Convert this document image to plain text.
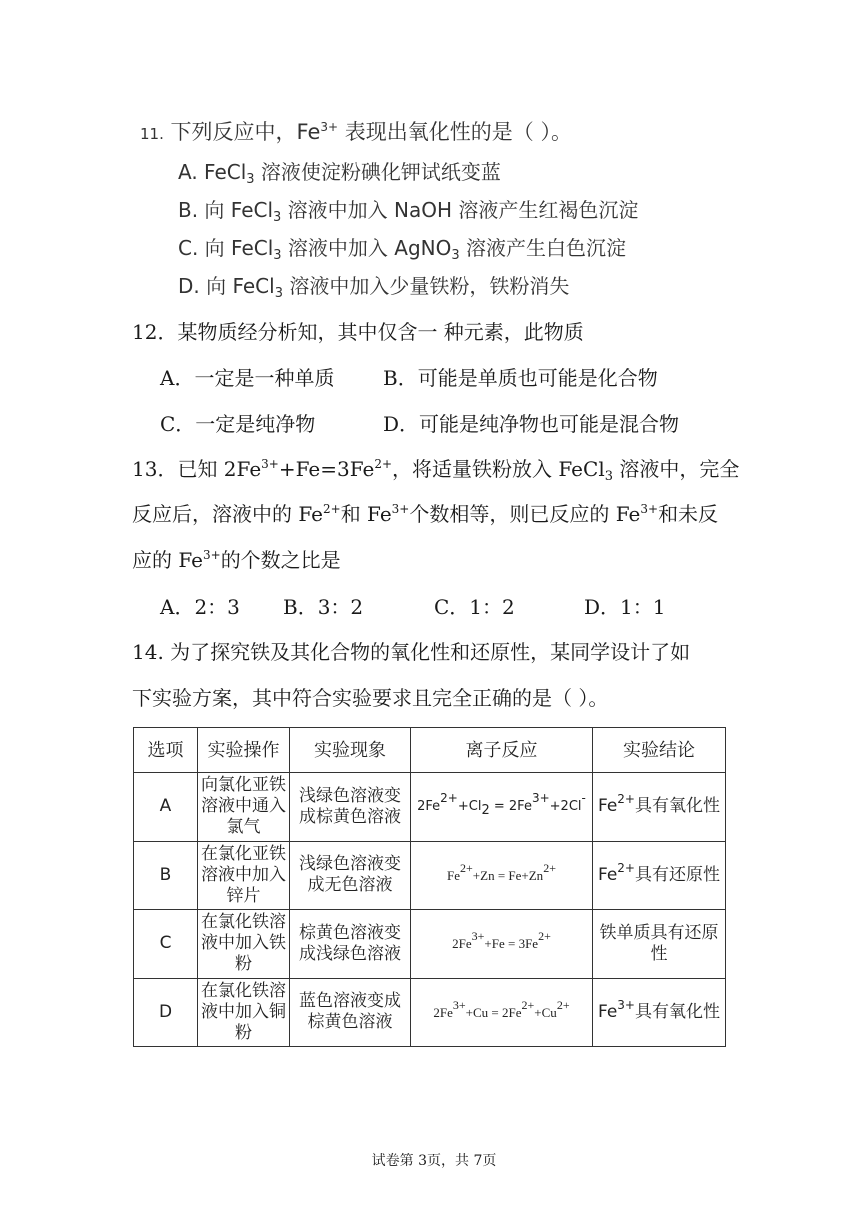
11. 下列反应中，$Fe^{3+}$ 表现出氧化性的是（ ）。
A. FeCl$_3$ 溶液使淀粉碘化钾试纸变蓝
B. 向 FeCl$_3$ 溶液中加入 NaOH 溶液产生红褐色沉淀
C. 向 FeCl$_3$ 溶液中加入 AgNO$_3$ 溶液产生白色沉淀
D. 向 FeCl$_3$ 溶液中加入少量铁粉，铁粉消失
12．某物质经分析知，其中仅含一 种元素，此物质
A．一定是一种单质 B．可能是单质也可能是化合物
C．一定是纯净物	D．可能是纯净物也可能是混合物
13．已知 $2Fe^{3+}+Fe=3Fe^{2+}$，将适量铁粉放入 FeCl$_3$ 溶液中，完全
反应后，溶液中的 $Fe^{2+}$和 $Fe^{3+}$个数相等，则已反应的 $Fe^{3+}$和未反
应的 $Fe^{3+}$的个数之比是
A．2：3 B．3：2	C．1：2	D．1：1
14. 为了探究铁及其化合物的氧化性和还原性，某同学设计了如
下实验方案，其中符合实验要求且完全正确的是（ ）。
选项	实验操作	实验现象	离子反应	实验结论
A	向氯化亚铁溶液中通入氯气	浅绿色溶液变成棕黄色溶液	$2Fe^{2+}+Cl_2 = 2Fe^{3+}+2Cl^-$	$Fe^{2+}$具有氧化性
B	在氯化亚铁溶液中加入锌片	浅绿色溶液变成无色溶液	$Fe^{2+}+Zn = Fe+Zn^{2+}$	$Fe^{2+}$具有还原性
C	在氯化铁溶液中加入铁粉	棕黄色溶液变成浅绿色溶液	$2Fe^{3+}+Fe = 3Fe^{2+}$	铁单质具有还原性
D	在氯化铁溶液中加入铜粉	蓝色溶液变成棕黄色溶液	$2Fe^{3+}+Cu = 2Fe^{2+}+Cu^{2+}$	$Fe^{3+}$具有氧化性
试卷第 3页，共 7页
